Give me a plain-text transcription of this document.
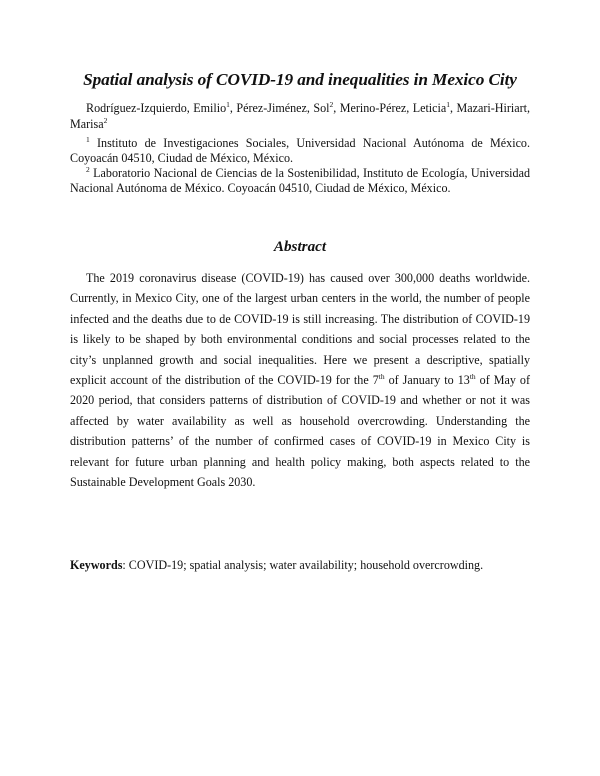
Spatial analysis of COVID-19 and inequalities in Mexico City

Rodríguez-Izquierdo, Emilio$^1$, Pérez-Jiménez, Sol$^2$, Merino-Pérez, Leticia$^1$, Mazari-Hiriart, Marisa$^2$

$^1$ Instituto de Investigaciones Sociales, Universidad Nacional Autónoma de México. Coyoacán 04510, Ciudad de México, México.

$^2$ Laboratorio Nacional de Ciencias de la Sostenibilidad, Instituto de Ecología, Universidad Nacional Autónoma de México. Coyoacán 04510, Ciudad de México, México.

Abstract

The 2019 coronavirus disease (COVID-19) has caused over 300,000 deaths worldwide. Currently, in Mexico City, one of the largest urban centers in the world, the number of people infected and the deaths due to de COVID-19 is still increasing. The distribution of COVID-19 is likely to be shaped by both environmental conditions and social processes related to the city’s unplanned growth and social inequalities. Here we present a descriptive, spatially explicit account of the distribution of the COVID-19 for the 7th of January to 13th of May of 2020 period, that considers patterns of distribution of COVID-19 and whether or not it was affected by water availability as well as household overcrowding. Understanding the distribution patterns’ of the number of confirmed cases of COVID-19 in Mexico City is relevant for future urban planning and health policy making, both aspects related to the Sustainable Development Goals 2030.

Keywords: COVID-19; spatial analysis; water availability; household overcrowding.
